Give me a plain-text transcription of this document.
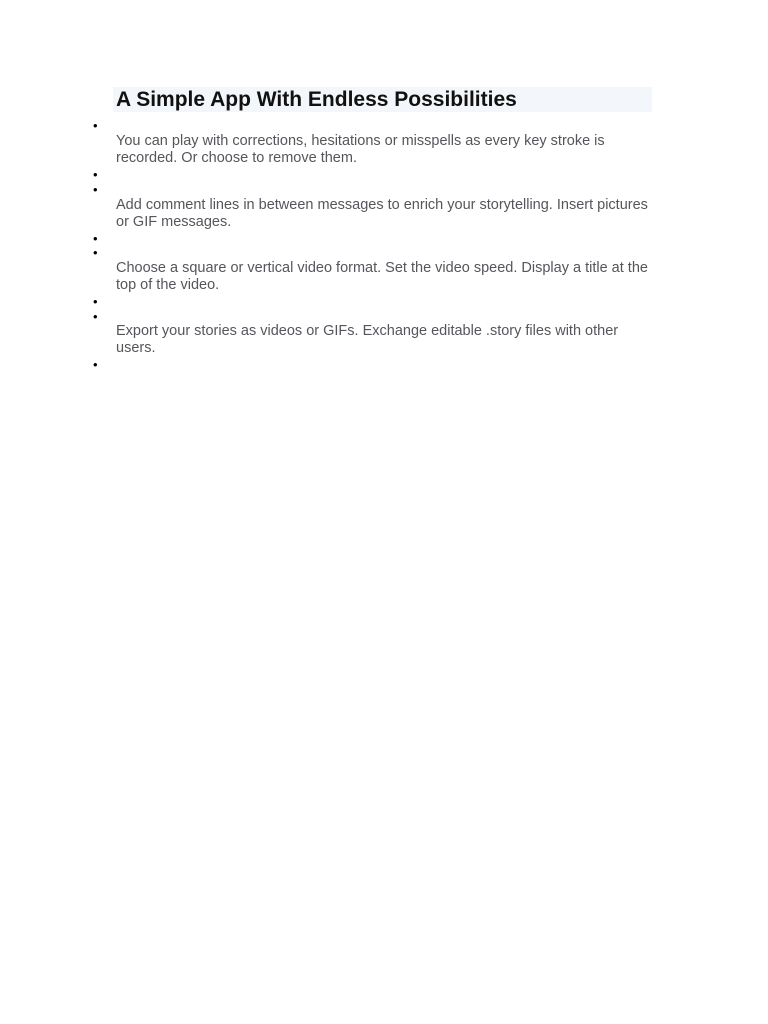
A Simple App With Endless Possibilities
•

You can play with corrections, hesitations or misspells as every key stroke is recorded. Or choose to remove them.

•
•

Add comment lines in between messages to enrich your storytelling. Insert pictures or GIF messages.

•
•

Choose a square or vertical video format. Set the video speed. Display a title at the top of the video.

•
•

Export your stories as videos or GIFs. Exchange editable .story files with other users.

•
